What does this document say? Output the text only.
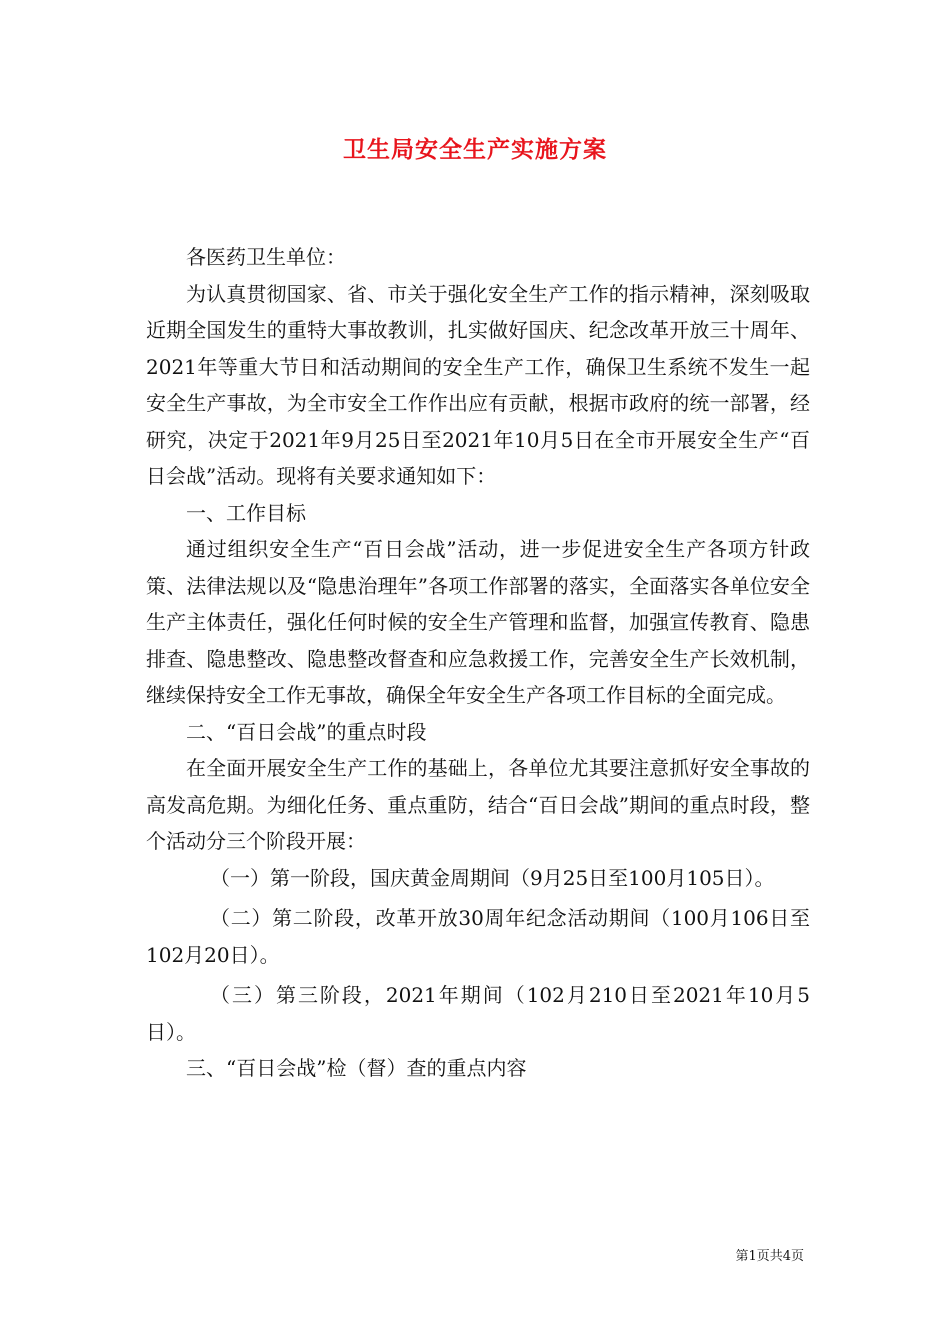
卫生局安全生产实施方案

各医药卫生单位：

为认真贯彻国家、省、市关于强化安全生产工作的指示精神，深刻吸取近期全国发生的重特大事故教训，扎实做好国庆、纪念改革开放三十周年、2021年等重大节日和活动期间的安全生产工作，确保卫生系统不发生一起安全生产事故，为全市安全工作作出应有贡献，根据市政府的统一部署，经研究，决定于2021年9月25日至2021年10月5日在全市开展安全生产“百日会战”活动。现将有关要求通知如下：

一、工作目标

通过组织安全生产“百日会战”活动，进一步促进安全生产各项方针政策、法律法规以及“隐患治理年”各项工作部署的落实，全面落实各单位安全生产主体责任，强化任何时候的安全生产管理和监督，加强宣传教育、隐患排查、隐患整改、隐患整改督查和应急救援工作，完善安全生产长效机制，继续保持安全工作无事故，确保全年安全生产各项工作目标的全面完成。

二、“百日会战”的重点时段

在全面开展安全生产工作的基础上，各单位尤其要注意抓好安全事故的高发高危期。为细化任务、重点重防，结合“百日会战”期间的重点时段，整个活动分三个阶段开展：

（一）第一阶段，国庆黄金周期间（9月25日至100月105日）。

（二）第二阶段，改革开放30周年纪念活动期间（100月106日至102月20日）。

（三）第三阶段，2021年期间（102月210日至2021年10月5日）。

三、“百日会战”检（督）查的重点内容

第1页共4页
